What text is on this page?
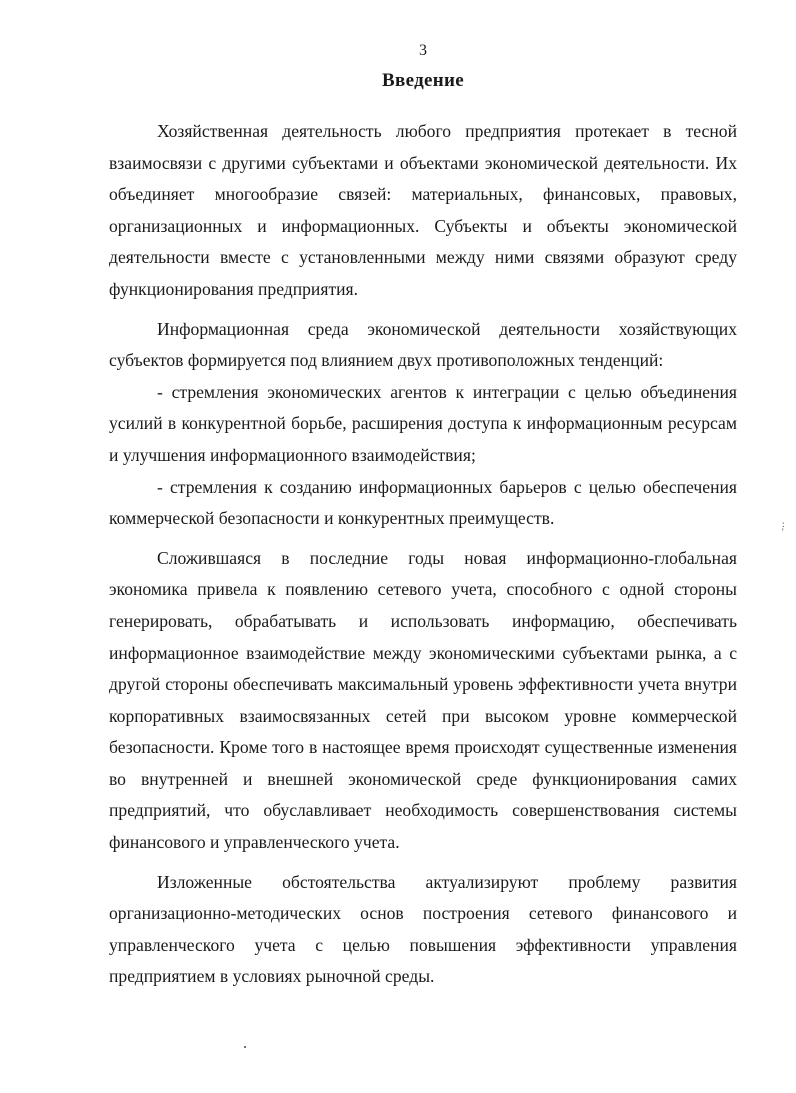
3
Введение

Хозяйственная деятельность любого предприятия протекает в тесной взаимосвязи с другими субъектами и объектами экономической деятельности. Их объединяет многообразие связей: материальных, финансовых, правовых, организационных и информационных. Субъекты и объекты экономической деятельности вместе с установленными между ними связями образуют среду функционирования предприятия.

Информационная среда экономической деятельности хозяйствующих субъектов формируется под влиянием двух противоположных тенденций:

- стремления экономических агентов к интеграции с целью объединения усилий в конкурентной борьбе, расширения доступа к информационным ресурсам и улучшения информационного взаимодействия;

- стремления к созданию информационных барьеров с целью обеспечения коммерческой безопасности и конкурентных преимуществ.

Сложившаяся в последние годы новая информационно-глобальная экономика привела к появлению сетевого учета, способного с одной стороны генерировать, обрабатывать и использовать информацию, обеспечивать информационное взаимодействие между экономическими субъектами рынка, а с другой стороны обеспечивать максимальный уровень эффективности учета внутри корпоративных взаимосвязанных сетей при высоком уровне коммерческой безопасности. Кроме того в настоящее время происходят существенные изменения во внутренней и внешней экономической среде функционирования самих предприятий, что обуславливает необходимость совершенствования системы финансового и управленческого учета.

Изложенные обстоятельства актуализируют проблему развития организационно-методических основ построения сетевого финансового и управленческого учета с целью повышения эффективности управления предприятием в условиях рыночной среды.

:
'
